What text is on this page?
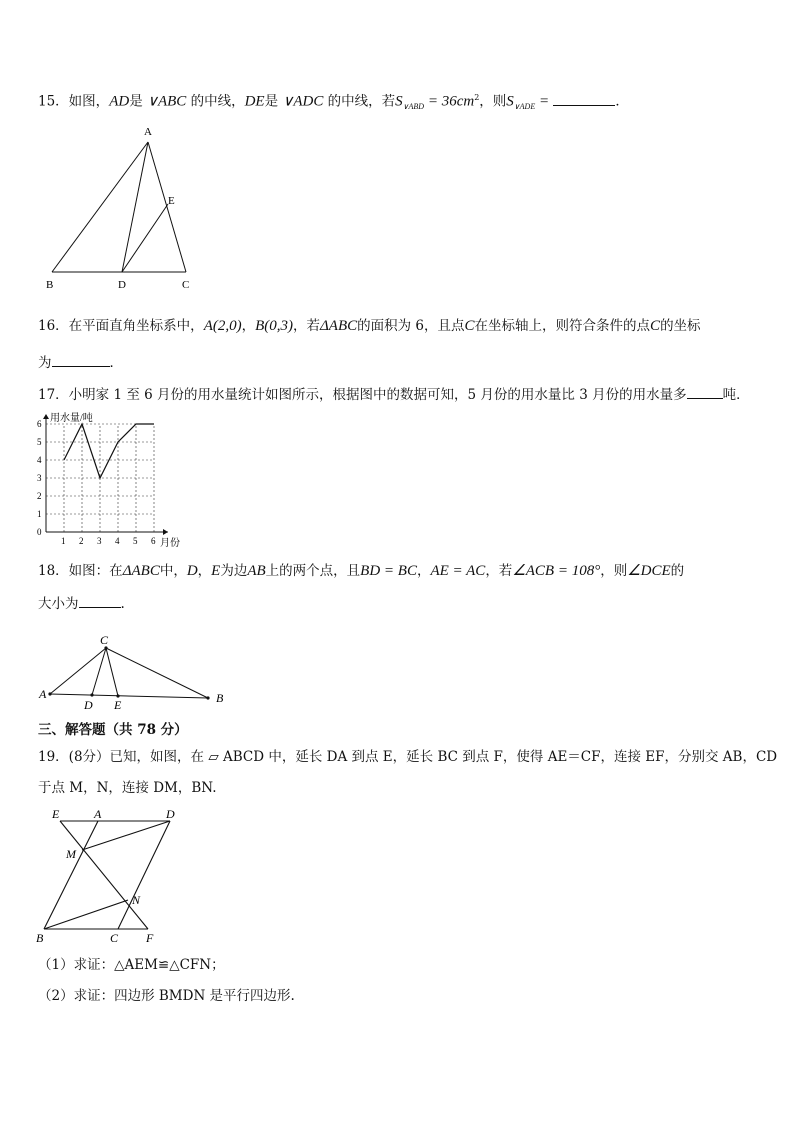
15．如图，AD是 ∨ABC 的中线，DE是 ∨ADC 的中线，若$S_{\vee ABD} = 36cm^2$，则$S_{\vee ADE}$ =	．
A
B	C
D
E
16．在平面直角坐标系中，A(2,0)，B(0,3)，若ΔABC的面积为 6，且点C在坐标轴上，则符合条件的点C的坐标
为	．
17．小明家 1 至 6 月份的用水量统计如图所示，根据图中的数据可知，5 月份的用水量比 3 月份的用水量多	吨．
0
1
2
3
4
5
6
1 2 3 4 5 6
用水量/吨
月份
18．如图：在ΔABC中，D，E为边AB上的两个点，且BD = BC，AE = AC，若∠ACB = 108°，则∠DCE的
大小为	.
A	B
C
D E
三、解答题（共 78 分）
19．(8分）已知，如图，在 ▱ ABCD 中，延长 DA 到点 E，延长 BC 到点 F，使得 AE＝CF，连接 EF，分别交 AB，CD
于点 M，N，连接 DM，BN.
E	A	D
M
N
B	C F
（1）求证：△AEM≌△CFN；
（2）求证：四边形 BMDN 是平行四边形.
